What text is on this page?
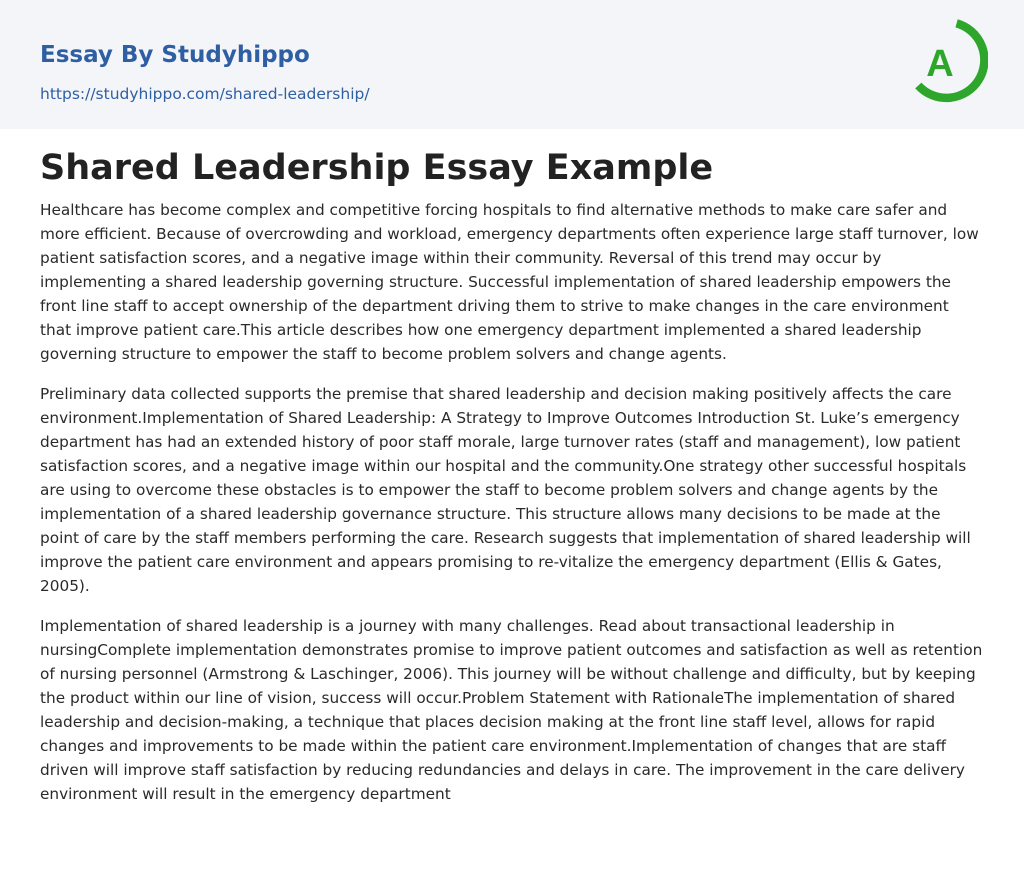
Essay By Studyhippo
https://studyhippo.com/shared-leadership/
A
Shared Leadership Essay Example

Healthcare has become complex and competitive forcing hospitals to find alternative methods to make care safer and more efficient. Because of overcrowding and workload, emergency departments often experience large staff turnover, low patient satisfaction scores, and a negative image within their community. Reversal of this trend may occur by implementing a shared leadership governing structure. Successful implementation of shared leadership empowers the front line staff to accept ownership of the department driving them to strive to make changes in the care environment that improve patient care.This article describes how one emergency department implemented a shared leadership governing structure to empower the staff to become problem solvers and change agents.

Preliminary data collected supports the premise that shared leadership and decision making positively affects the care environment.Implementation of Shared Leadership: A Strategy to Improve Outcomes Introduction St. Luke’s emergency department has had an extended history of poor staff morale, large turnover rates (staff and management), low patient satisfaction scores, and a negative image within our hospital and the community.One strategy other successful hospitals are using to overcome these obstacles is to empower the staff to become problem solvers and change agents by the implementation of a shared leadership governance structure. This structure allows many decisions to be made at the point of care by the staff members performing the care. Research suggests that implementation of shared leadership will improve the patient care environment and appears promising to re-vitalize the emergency department (Ellis & Gates, 2005).

Implementation of shared leadership is a journey with many challenges. Read about transactional leadership in nursingComplete implementation demonstrates promise to improve patient outcomes and satisfaction as well as retention of nursing personnel (Armstrong & Laschinger, 2006). This journey will be without challenge and difficulty, but by keeping the product within our line of vision, success will occur.Problem Statement with RationaleThe implementation of shared leadership and decision-making, a technique that places decision making at the front line staff level, allows for rapid changes and improvements to be made within the patient care environment.Implementation of changes that are staff driven will improve staff satisfaction by reducing redundancies and delays in care. The improvement in the care delivery environment will result in the emergency department
